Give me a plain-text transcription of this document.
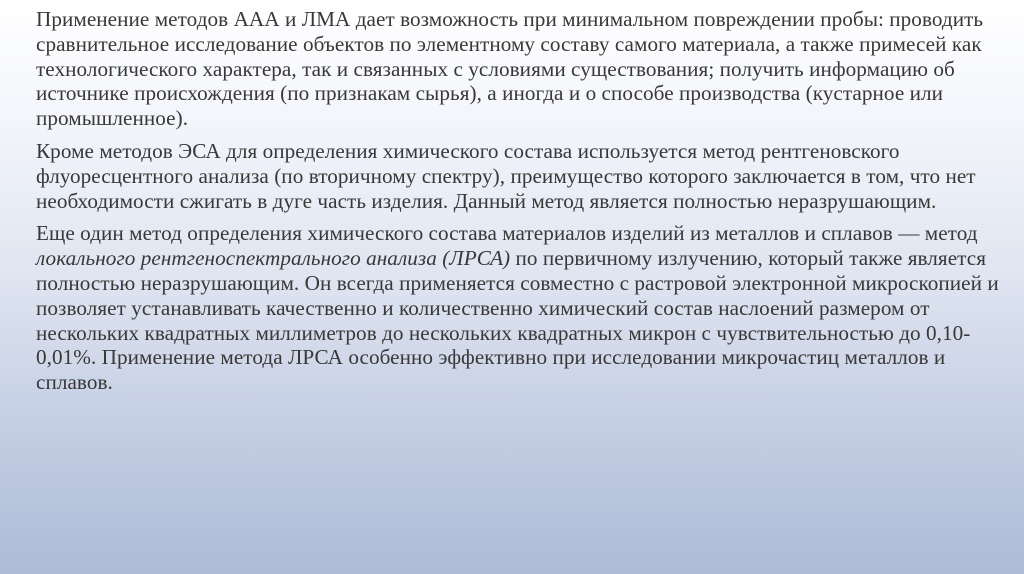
Применение методов ААА и ЛМА дает возможность при минимальном повреждении пробы: проводить сравнительное исследование объектов по элементному составу самого материала, а также примесей как технологического характера, так и связанных с условиями существования; получить информацию об источнике происхождения (по признакам сырья), а иногда и о способе производства (кустарное или промышленное).

Кроме методов ЭСА для определения химического состава используется метод рентгеновского флуоресцентного анализа (по вторичному спектру), преимущество которого заключается в том, что нет необходимости сжигать в дуге часть изделия. Данный метод является полностью неразрушающим.

Еще один метод определения химического состава материалов изделий из металлов и сплавов — метод локального рентгеноспектрального анализа (ЛРСА) по первичному излучению, который также является полностью неразрушающим. Он всегда применяется совместно с растровой электронной микроскопией и позволяет устанавливать качественно и количественно химический состав наслоений размером от нескольких квадратных миллиметров до нескольких квадратных микрон с чувствительностью до 0,10-0,01%. Применение метода ЛРСА особенно эффективно при исследовании микрочастиц металлов и сплавов.
